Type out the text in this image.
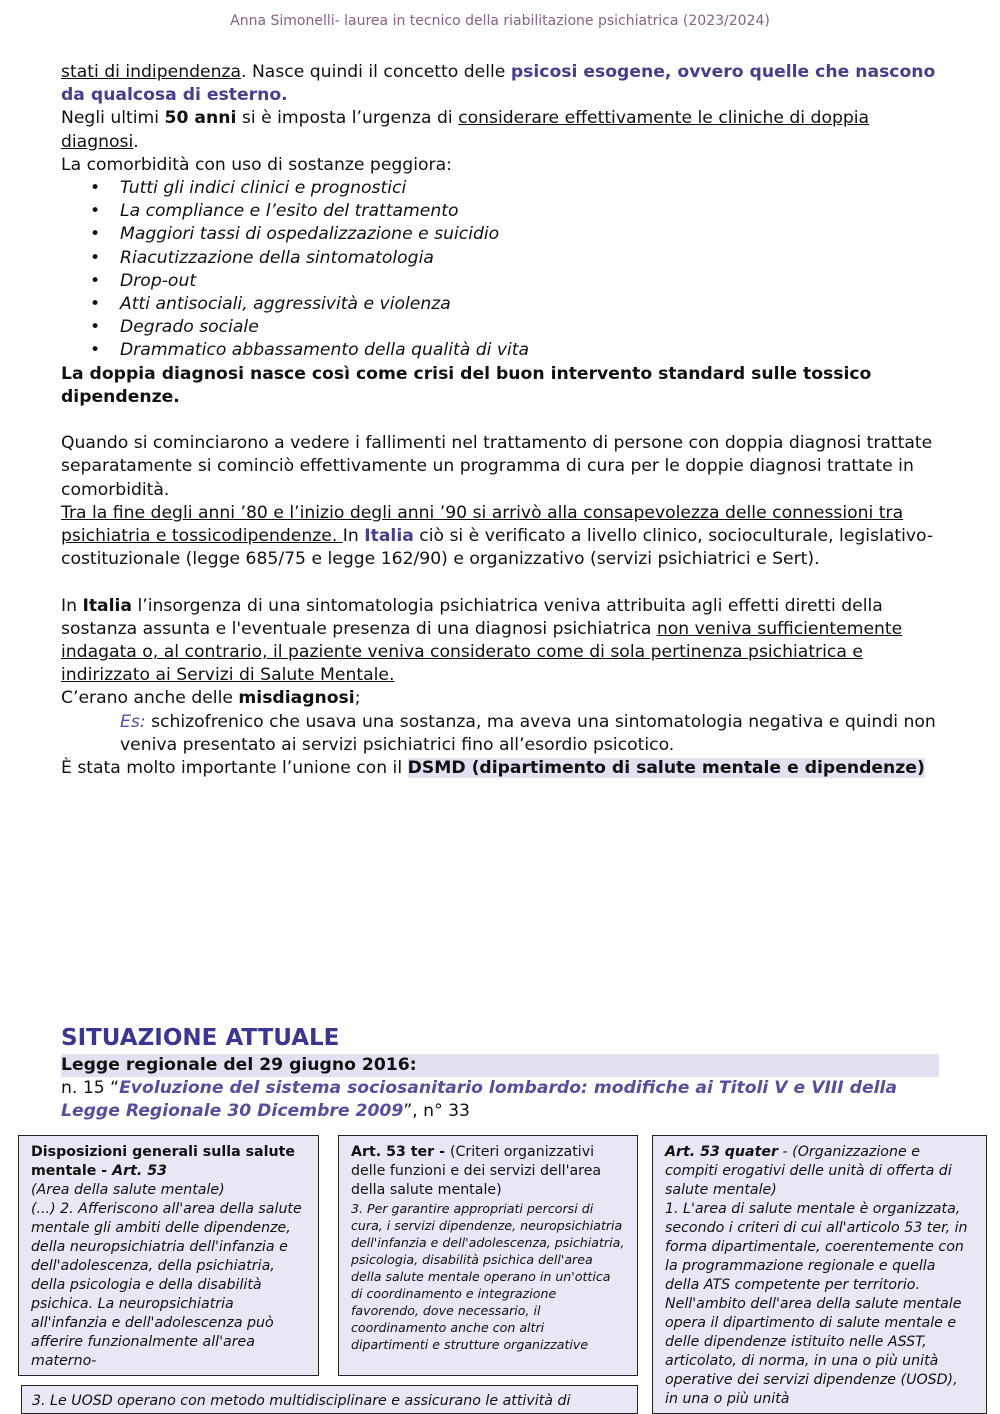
Anna Simonelli- laurea in tecnico della riabilitazione psichiatrica (2023/2024)

stati di indipendenza. Nasce quindi il concetto delle psicosi esogene, ovvero quelle che nascono da qualcosa di esterno.

Negli ultimi 50 anni si è imposta l’urgenza di considerare effettivamente le cliniche di doppia diagnosi.

La comorbidità con uso di sostanze peggiora:

• Tutti gli indici clinici e prognostici
• La compliance e l’esito del trattamento
• Maggiori tassi di ospedalizzazione e suicidio
• Riacutizzazione della sintomatologia
• Drop-out
• Atti antisociali, aggressività e violenza
• Degrado sociale
• Drammatico abbassamento della qualità di vita

La doppia diagnosi nasce così come crisi del buon intervento standard sulle tossico dipendenze.

Quando si cominciarono a vedere i fallimenti nel trattamento di persone con doppia diagnosi trattate separatamente si cominciò effettivamente un programma di cura per le doppie diagnosi trattate in comorbidità.

Tra la fine degli anni ’80 e l’inizio degli anni ’90 si arrivò alla consapevolezza delle connessioni tra psichiatria e tossicodipendenze. In Italia ciò si è verificato a livello clinico, socioculturale, legislativo-costituzionale (legge 685/75 e legge 162/90) e organizzativo (servizi psichiatrici e Sert).

In Italia l’insorgenza di una sintomatologia psichiatrica veniva attribuita agli effetti diretti della sostanza assunta e l'eventuale presenza di una diagnosi psichiatrica non veniva sufficientemente indagata o, al contrario, il paziente veniva considerato come di sola pertinenza psichiatrica e indirizzato ai Servizi di Salute Mentale.

C’erano anche delle misdiagnosi;

Es: schizofrenico che usava una sostanza, ma aveva una sintomatologia negativa e quindi non veniva presentato ai servizi psichiatrici fino all’esordio psicotico.

È stata molto importante l’unione con il DSMD (dipartimento di salute mentale e dipendenze)

SITUAZIONE ATTUALE
Legge regionale del 29 giugno 2016:

n. 15 “Evoluzione del sistema sociosanitario lombardo: modifiche ai Titoli V e VIII della Legge Regionale 30 Dicembre 2009”, n° 33

Disposizioni generali sulla salute mentale - Art. 53

(Area della salute mentale)

(...) 2. Afferiscono all'area della salute mentale gli ambiti delle dipendenze, della neuropsichiatria dell'infanzia e dell'adolescenza, della psichiatria, della psicologia e della disabilità psichica. La neuropsichiatria all'infanzia e dell'adolescenza può afferire funzionalmente all'area materno-

Art. 53 ter - (Criteri organizzativi delle funzioni e dei servizi dell'area della salute mentale)

3. Per garantire appropriati percorsi di cura, i servizi dipendenze, neuropsichiatria dell'infanzia e dell'adolescenza, psichiatria, psicologia, disabilità psichica dell'area della salute mentale operano in un'ottica di coordinamento e integrazione favorendo, dove necessario, il coordinamento anche con altri dipartimenti e strutture organizzative

Art. 53 quater - (Organizzazione e compiti erogativi delle unità di offerta di salute mentale)

1. L'area di salute mentale è organizzata, secondo i criteri di cui all'articolo 53 ter, in forma dipartimentale, coerentemente con la programmazione regionale e quella della ATS competente per territorio. Nell'ambito dell'area della salute mentale opera il dipartimento di salute mentale e delle dipendenze istituito nelle ASST, articolato, di norma, in una o più unità operative dei servizi dipendenze (UOSD), in una o più unità

3. Le UOSD operano con metodo multidisciplinare e assicurano le attività di
